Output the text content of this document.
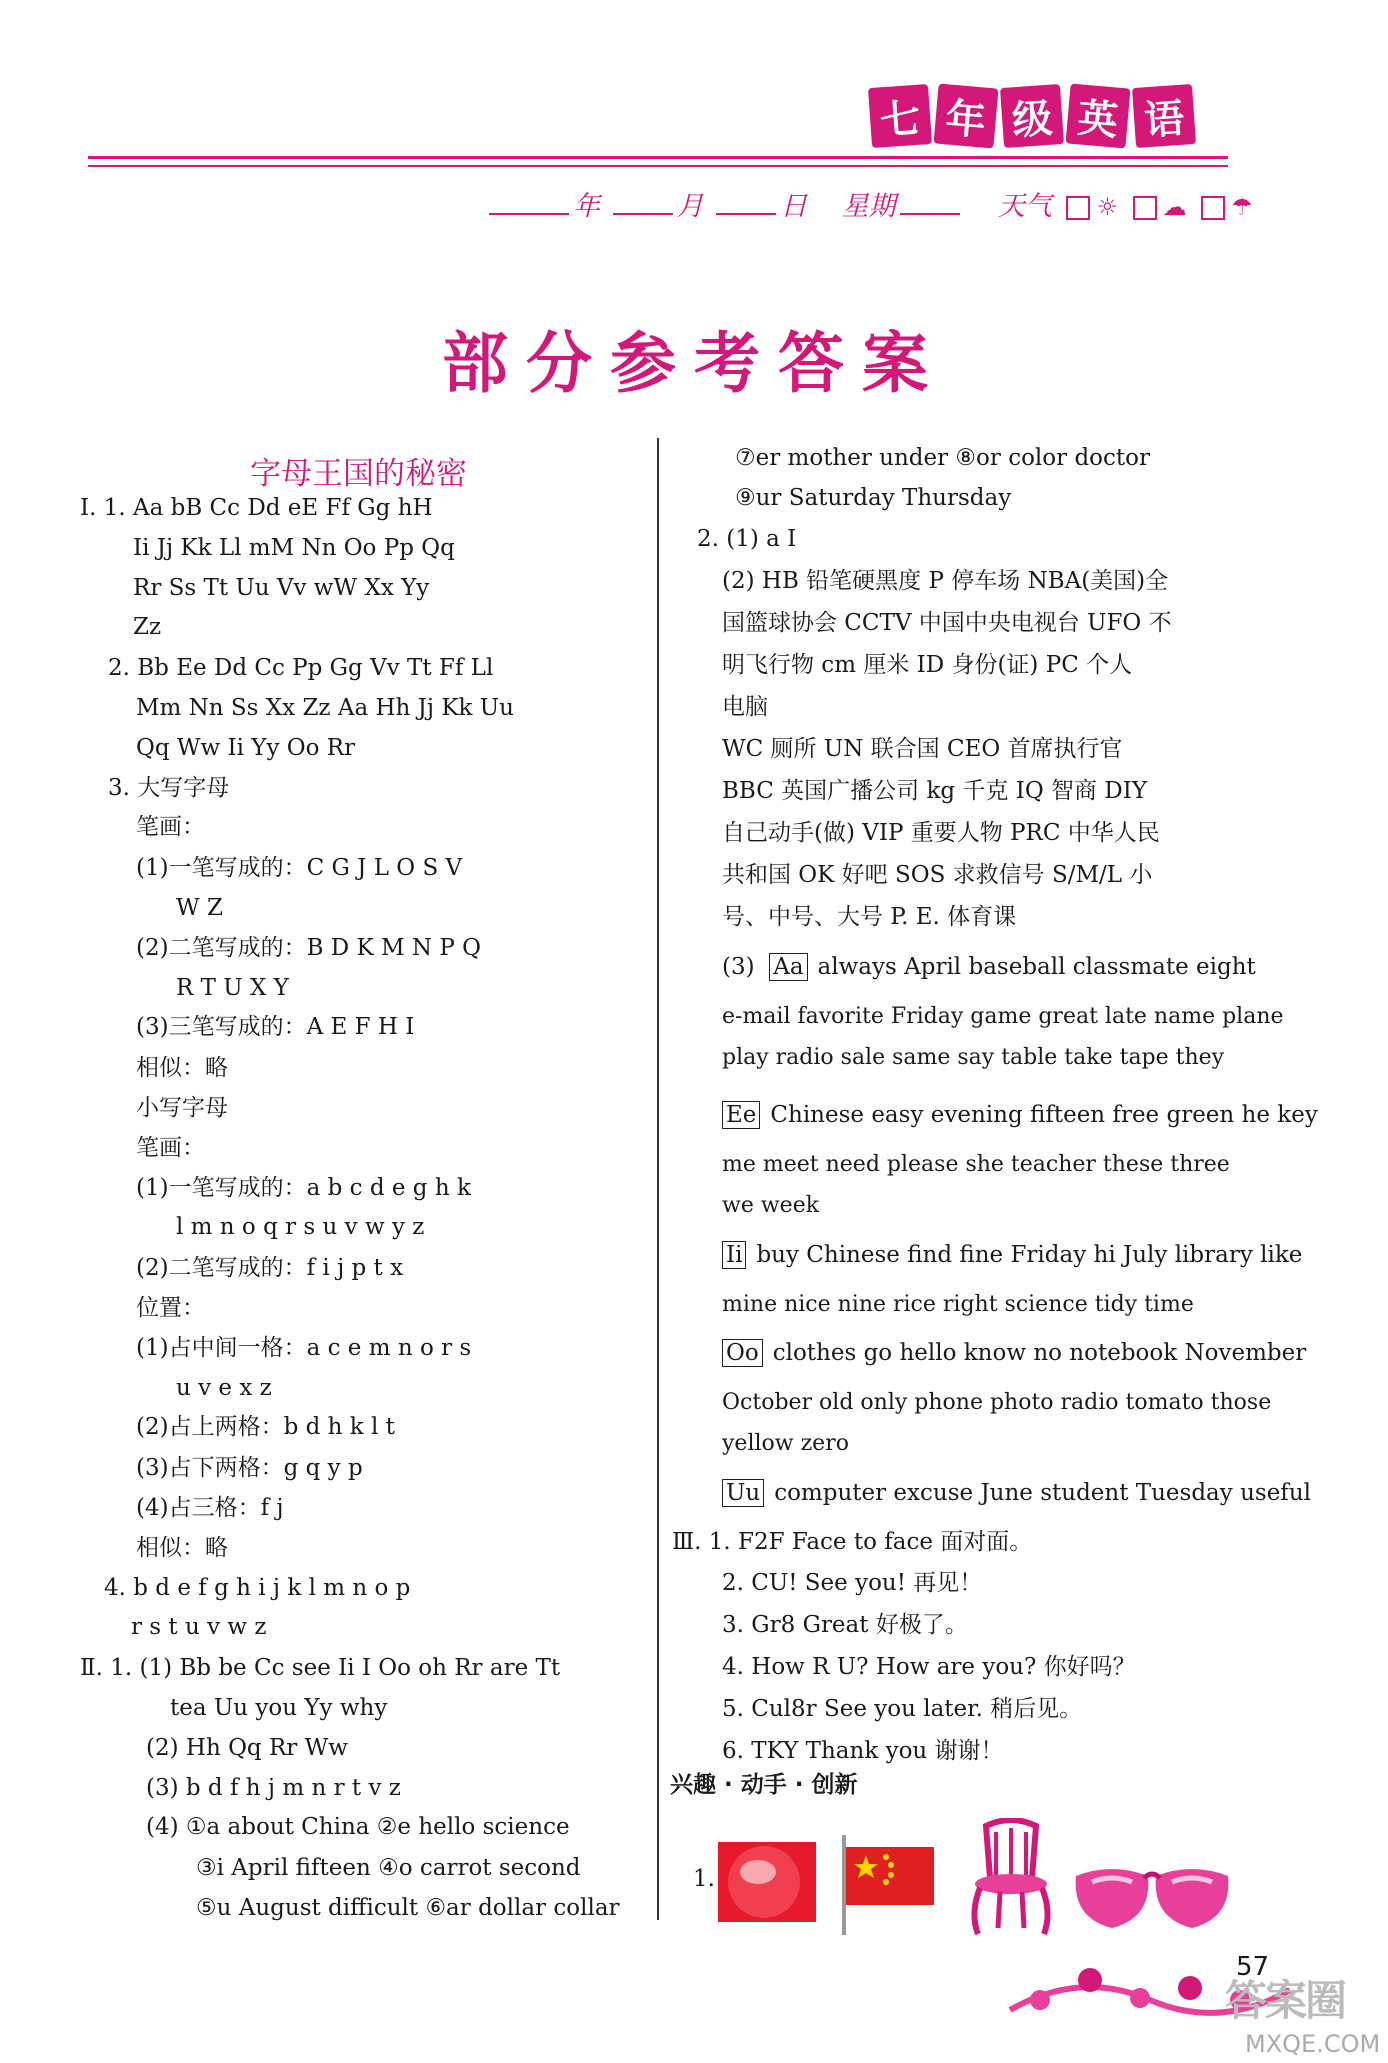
七 年 级 英 语
年	月	日 星期	天气 ☼ ☁ ☂
部分参考答案
字母王国的秘密
Ⅰ. 1. Aa bB Cc Dd eE Ff Gg hH
Ii Jj Kk Ll mM Nn Oo Pp Qq
Rr Ss Tt Uu Vv wW Xx Yy
Zz
2. Bb Ee Dd Cc Pp Gg Vv Tt Ff Ll
Mm Nn Ss Xx Zz Aa Hh Jj Kk Uu
Qq Ww Ii Yy Oo Rr
3. 大写字母
笔画：
(1)一笔写成的：C G J L O S V
W Z
(2)二笔写成的：B D K M N P Q
R T U X Y
(3)三笔写成的：A E F H I
相似：略
小写字母
笔画：
(1)一笔写成的：a b c d e g h k
l m n o q r s u v w y z
(2)二笔写成的：f i j p t x
位置：
(1)占中间一格：a c e m n o r s
u v e x z
(2)占上两格：b d h k l t
(3)占下两格：g q y p
(4)占三格：f j
相似：略
4. b d e f g h i j k l m n o p
r s t u v w z
Ⅱ. 1. (1) Bb be Cc see Ii I Oo oh Rr are Tt
tea Uu you Yy why
(2) Hh Qq Rr Ww
(3) b d f h j m n r t v z
(4) ①a about China ②e hello science
③i April fifteen ④o carrot second
⑤u August difficult ⑥ar dollar collar
⑦er mother under ⑧or color doctor
⑨ur Saturday Thursday
2. (1) a I
(2) HB 铅笔硬黑度 P 停车场 NBA(美国)全
国篮球协会 CCTV 中国中央电视台 UFO 不
明飞行物 cm 厘米 ID 身份(证) PC 个人
电脑
WC 厕所 UN 联合国 CEO 首席执行官
BBC 英国广播公司 kg 千克 IQ 智商 DIY
自己动手(做) VIP 重要人物 PRC 中华人民
共和国 OK 好吧 SOS 求救信号 S/M/L 小
号、中号、大号 P. E. 体育课
(3) Aa always April baseball classmate eight
e-mail favorite Friday game great late name plane
play radio sale same say table take tape they
Ee Chinese easy evening fifteen free green he key
me meet need please she teacher these three
we week
Ii buy Chinese find fine Friday hi July library like
mine nice nine rice right science tidy time
Oo clothes go hello know no notebook November
October old only phone photo radio tomato those
yellow zero
Uu computer excuse June student Tuesday useful
Ⅲ. 1. F2F Face to face 面对面。
2. CU! See you! 再见！
3. Gr8 Great 好极了。
4. How R U? How are you? 你好吗？
5. Cul8r See you later. 稍后见。
6. TKY Thank you 谢谢！
兴趣 · 动手 · 创新
1.
57
答案圈
MXQE.COM
